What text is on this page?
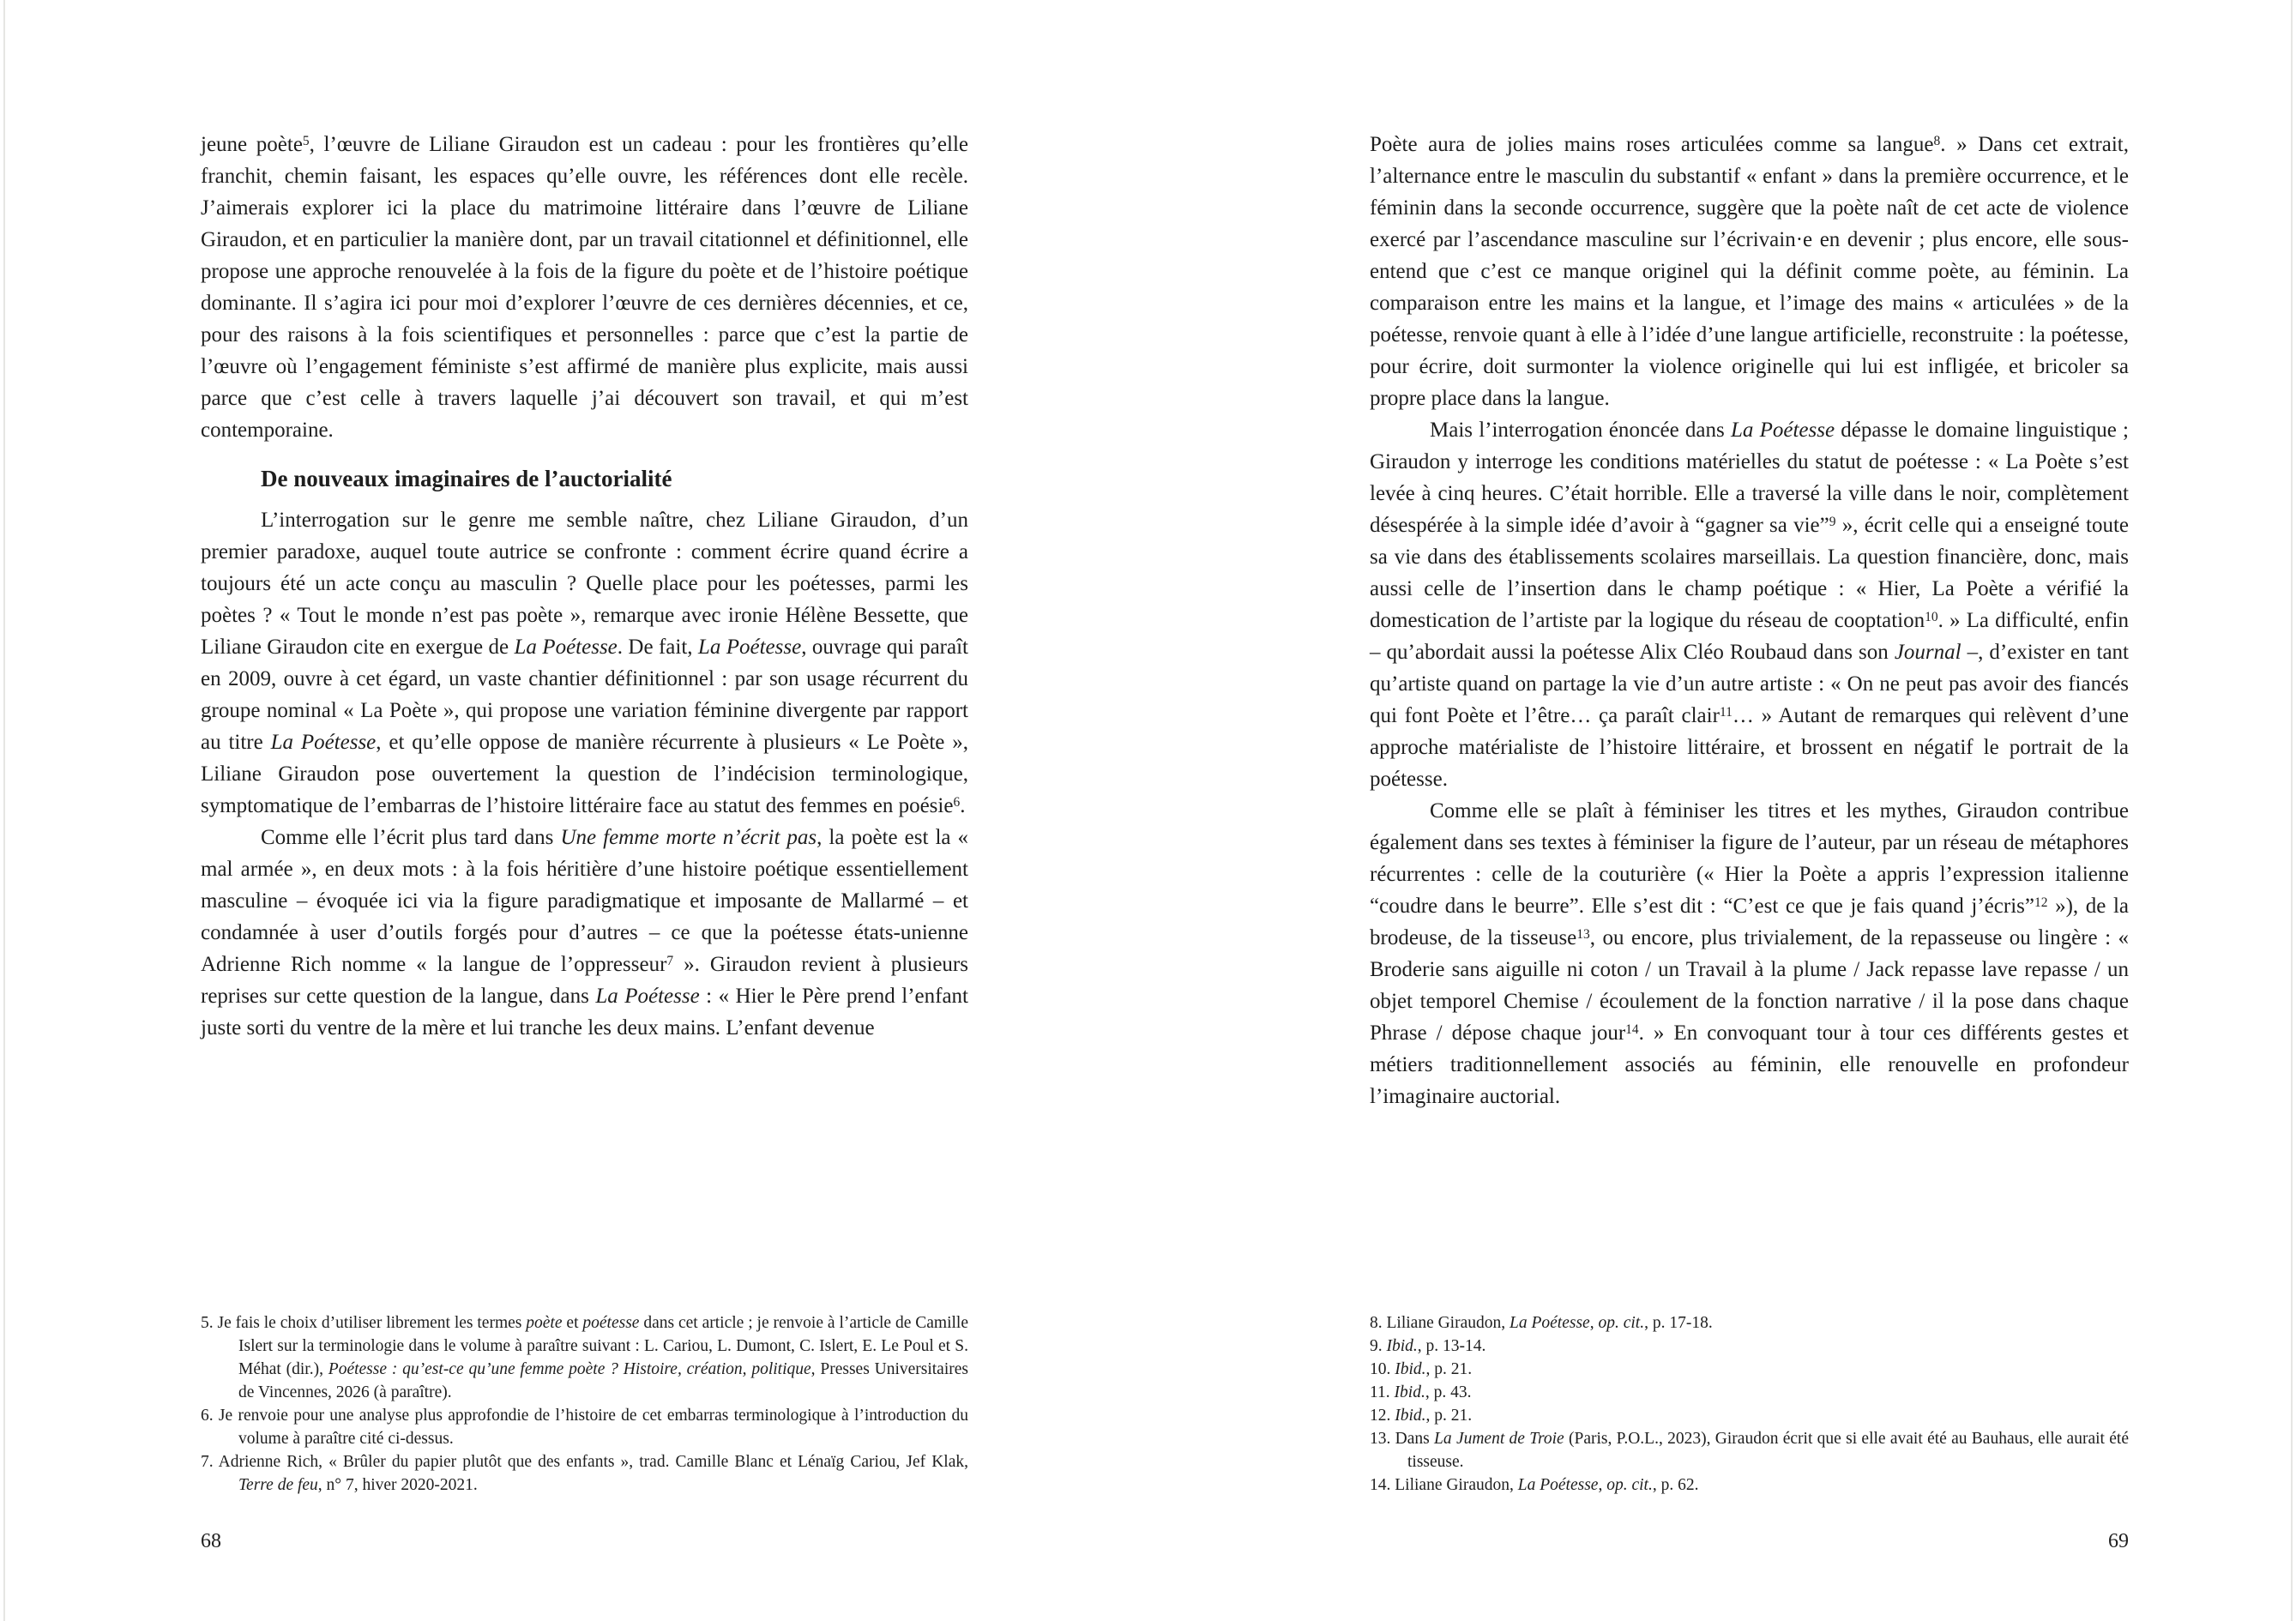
jeune poète$^5$, l’œuvre de Liliane Giraudon est un cadeau : pour les frontières qu’elle franchit, chemin faisant, les espaces qu’elle ouvre, les références dont elle recèle. J’aimerais explorer ici la place du matrimoine littéraire dans l’œuvre de Liliane Giraudon, et en particulier la manière dont, par un travail citationnel et définitionnel, elle propose une approche renouvelée à la fois de la figure du poète et de l’histoire poétique dominante. Il s’agira ici pour moi d’explorer l’œuvre de ces dernières décennies, et ce, pour des raisons à la fois scientifiques et personnelles : parce que c’est la partie de l’œuvre où l’engagement féministe s’est affirmé de manière plus explicite, mais aussi parce que c’est celle à travers laquelle j’ai découvert son travail, et qui m’est contemporaine.

De nouveaux imaginaires de l’auctorialité

L’interrogation sur le genre me semble naître, chez Liliane Giraudon, d’un premier paradoxe, auquel toute autrice se confronte : comment écrire quand écrire a toujours été un acte conçu au masculin ? Quelle place pour les poétesses, parmi les poètes ? « Tout le monde n’est pas poète », remarque avec ironie Hélène Bessette, que Liliane Giraudon cite en exergue de La Poétesse. De fait, La Poétesse, ouvrage qui paraît en 2009, ouvre à cet égard, un vaste chantier définitionnel : par son usage récurrent du groupe nominal « La Poète », qui propose une variation féminine divergente par rapport au titre La Poétesse, et qu’elle oppose de manière récurrente à plusieurs « Le Poète », Liliane Giraudon pose ouvertement la question de l’indécision terminologique, symptomatique de l’embarras de l’histoire littéraire face au statut des femmes en poésie$^6$.

Comme elle l’écrit plus tard dans Une femme morte n’écrit pas, la poète est la « mal armée », en deux mots : à la fois héritière d’une histoire poétique essentiellement masculine – évoquée ici via la figure paradigmatique et imposante de Mallarmé – et condamnée à user d’outils forgés pour d’autres – ce que la poétesse états-unienne Adrienne Rich nomme « la langue de l’oppresseur$^7$ ». Giraudon revient à plusieurs reprises sur cette question de la langue, dans La Poétesse : « Hier le Père prend l’enfant juste sorti du ventre de la mère et lui tranche les deux mains. L’enfant devenue

5. Je fais le choix d’utiliser librement les termes poète et poétesse dans cet article ; je renvoie à l’article de Camille Islert sur la terminologie dans le volume à paraître suivant : L. Cariou, L. Dumont, C. Islert, E. Le Poul et S. Méhat (dir.), Poétesse : qu’est-ce qu’une femme poète ? Histoire, création, politique, Presses Universitaires de Vincennes, 2026 (à paraître).
6. Je renvoie pour une analyse plus approfondie de l’histoire de cet embarras terminologique à l’introduction du volume à paraître cité ci-dessus.
7. Adrienne Rich, « Brûler du papier plutôt que des enfants », trad. Camille Blanc et Lénaïg Cariou, Jef Klak, Terre de feu, n° 7, hiver 2020-2021.
68

Poète aura de jolies mains roses articulées comme sa langue$^8$. » Dans cet extrait, l’alternance entre le masculin du substantif « enfant » dans la première occurrence, et le féminin dans la seconde occurrence, suggère que la poète naît de cet acte de violence exercé par l’ascendance masculine sur l’écrivain·e en devenir ; plus encore, elle sous-entend que c’est ce manque originel qui la définit comme poète, au féminin. La comparaison entre les mains et la langue, et l’image des mains « articulées » de la poétesse, renvoie quant à elle à l’idée d’une langue artificielle, reconstruite : la poétesse, pour écrire, doit surmonter la violence originelle qui lui est infligée, et bricoler sa propre place dans la langue.

Mais l’interrogation énoncée dans La Poétesse dépasse le domaine linguistique ; Giraudon y interroge les conditions matérielles du statut de poétesse : « La Poète s’est levée à cinq heures. C’était horrible. Elle a traversé la ville dans le noir, complètement désespérée à la simple idée d’avoir à “gagner sa vie”$^9$ », écrit celle qui a enseigné toute sa vie dans des établissements scolaires marseillais. La question financière, donc, mais aussi celle de l’insertion dans le champ poétique : « Hier, La Poète a vérifié la domestication de l’artiste par la logique du réseau de cooptation$^{10}$. » La difficulté, enfin – qu’abordait aussi la poétesse Alix Cléo Roubaud dans son Journal –, d’exister en tant qu’artiste quand on partage la vie d’un autre artiste : « On ne peut pas avoir des fiancés qui font Poète et l’être… ça paraît clair$^{11}$… » Autant de remarques qui relèvent d’une approche matérialiste de l’histoire littéraire, et brossent en négatif le portrait de la poétesse.

Comme elle se plaît à féminiser les titres et les mythes, Giraudon contribue également dans ses textes à féminiser la figure de l’auteur, par un réseau de métaphores récurrentes : celle de la couturière (« Hier la Poète a appris l’expression italienne “coudre dans le beurre”. Elle s’est dit : “C’est ce que je fais quand j’écris”$^{12}$ »), de la brodeuse, de la tisseuse$^{13}$, ou encore, plus trivialement, de la repasseuse ou lingère : « Broderie sans aiguille ni coton / un Travail à la plume / Jack repasse lave repasse / un objet temporel Chemise / écoulement de la fonction narrative / il la pose dans chaque Phrase / dépose chaque jour$^{14}$. » En convoquant tour à tour ces différents gestes et métiers traditionnellement associés au féminin, elle renouvelle en profondeur l’imaginaire auctorial.

8. Liliane Giraudon, La Poétesse, op. cit., p. 17-18.
9. Ibid., p. 13-14.
10. Ibid., p. 21.
11. Ibid., p. 43.
12. Ibid., p. 21.
13. Dans La Jument de Troie (Paris, P.O.L., 2023), Giraudon écrit que si elle avait été au Bauhaus, elle aurait été tisseuse.
14. Liliane Giraudon, La Poétesse, op. cit., p. 62.
69
